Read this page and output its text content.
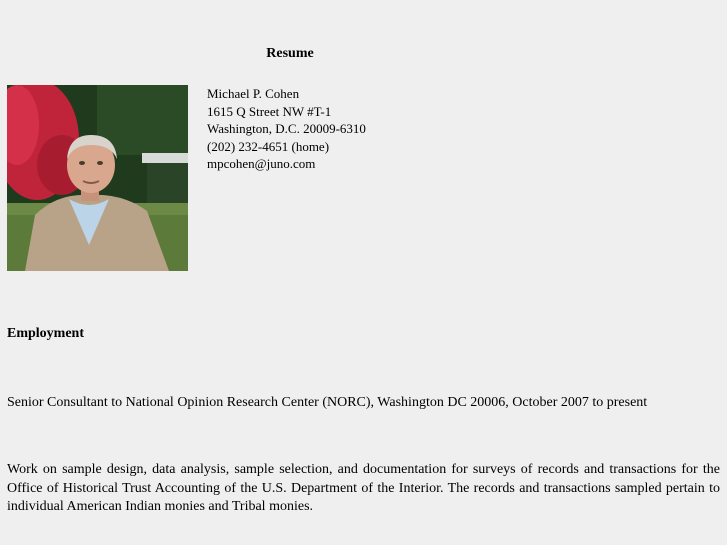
Resume
Michael P. Cohen
1615 Q Street NW #T-1
Washington, D.C. 20009-6310
(202) 232-4651 (home)
mpcohen@juno.com
Employment
Senior Consultant to National Opinion Research Center (NORC), Washington DC 20006, October 2007 to present
Work on sample design, data analysis, sample selection, and documentation for surveys of records and transactions for the Office of Historical Trust Accounting of the U.S. Department of the Interior. The records and transactions sampled pertain to individual American Indian monies and Tribal monies.
